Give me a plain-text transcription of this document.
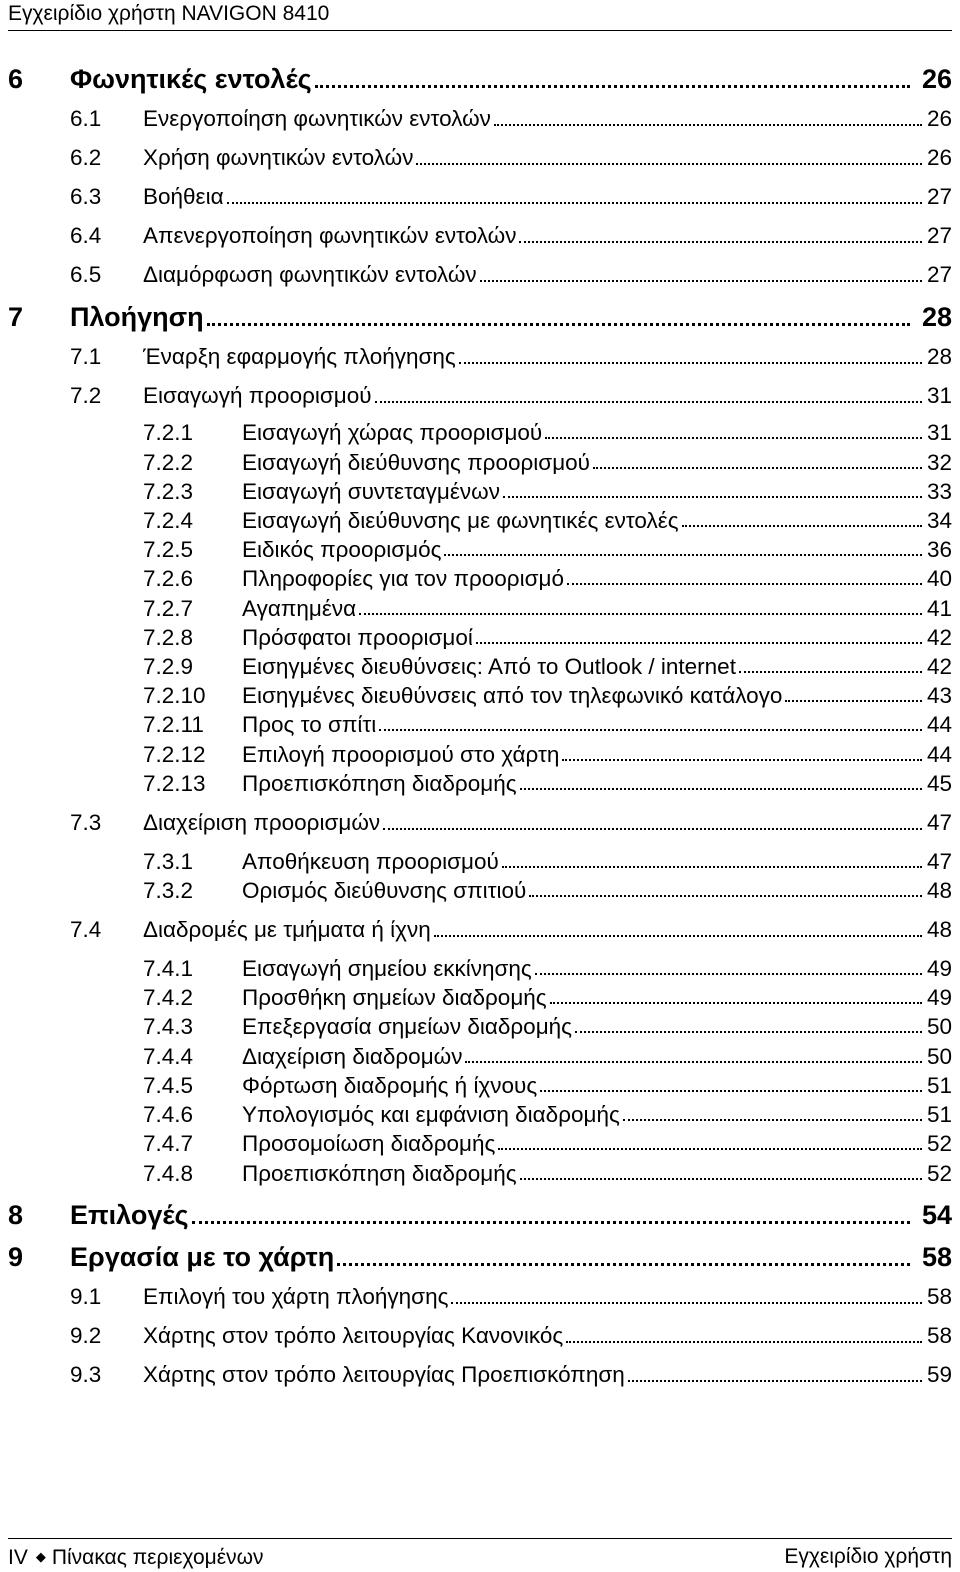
Εγχειρίδιο χρήστη NAVIGON 8410
6 Φωνητικές εντολές	26
6.1 Ενεργοποίηση φωνητικών εντολών	26
6.2 Χρήση φωνητικών εντολών	26
6.3 Βοήθεια	27
6.4 Απενεργοποίηση φωνητικών εντολών	27
6.5 Διαμόρφωση φωνητικών εντολών	27
7 Πλοήγηση	28
7.1 Έναρξη εφαρμογής πλοήγησης	28
7.2 Εισαγωγή προορισμού	31
7.2.1 Εισαγωγή χώρας προορισμού	31
7.2.2 Εισαγωγή διεύθυνσης προορισμού	32
7.2.3 Εισαγωγή συντεταγμένων	33
7.2.4 Εισαγωγή διεύθυνσης με φωνητικές εντολές	34
7.2.5 Ειδικός προορισμός	36
7.2.6 Πληροφορίες για τον προορισμό	40
7.2.7 Αγαπημένα	41
7.2.8 Πρόσφατοι προορισμοί	42
7.2.9 Εισηγμένες διευθύνσεις: Από το Outlook / internet	42
7.2.10 Εισηγμένες διευθύνσεις από τον τηλεφωνικό κατάλογο	43
7.2.11 Προς το σπίτι	44
7.2.12 Επιλογή προορισμού στο χάρτη	44
7.2.13 Προεπισκόπηση διαδρομής	45
7.3 Διαχείριση προορισμών	47
7.3.1 Αποθήκευση προορισμού	47
7.3.2 Ορισμός διεύθυνσης σπιτιού	48
7.4 Διαδρομές με τμήματα ή ίχνη	48
7.4.1 Εισαγωγή σημείου εκκίνησης	49
7.4.2 Προσθήκη σημείων διαδρομής	49
7.4.3 Επεξεργασία σημείων διαδρομής	50
7.4.4 Διαχείριση διαδρομών	50
7.4.5 Φόρτωση διαδρομής ή ίχνους	51
7.4.6 Υπολογισμός και εμφάνιση διαδρομής	51
7.4.7 Προσομοίωση διαδρομής	52
7.4.8 Προεπισκόπηση διαδρομής	52
8 Επιλογές	54
9 Εργασία με το χάρτη	58
9.1 Επιλογή του χάρτη πλοήγησης	58
9.2 Χάρτης στον τρόπο λειτουργίας Κανονικός	58
9.3 Χάρτης στον τρόπο λειτουργίας Προεπισκόπηση	59
IV ◆ Πίνακας περιεχομένων	Εγχειρίδιο χρήστη
